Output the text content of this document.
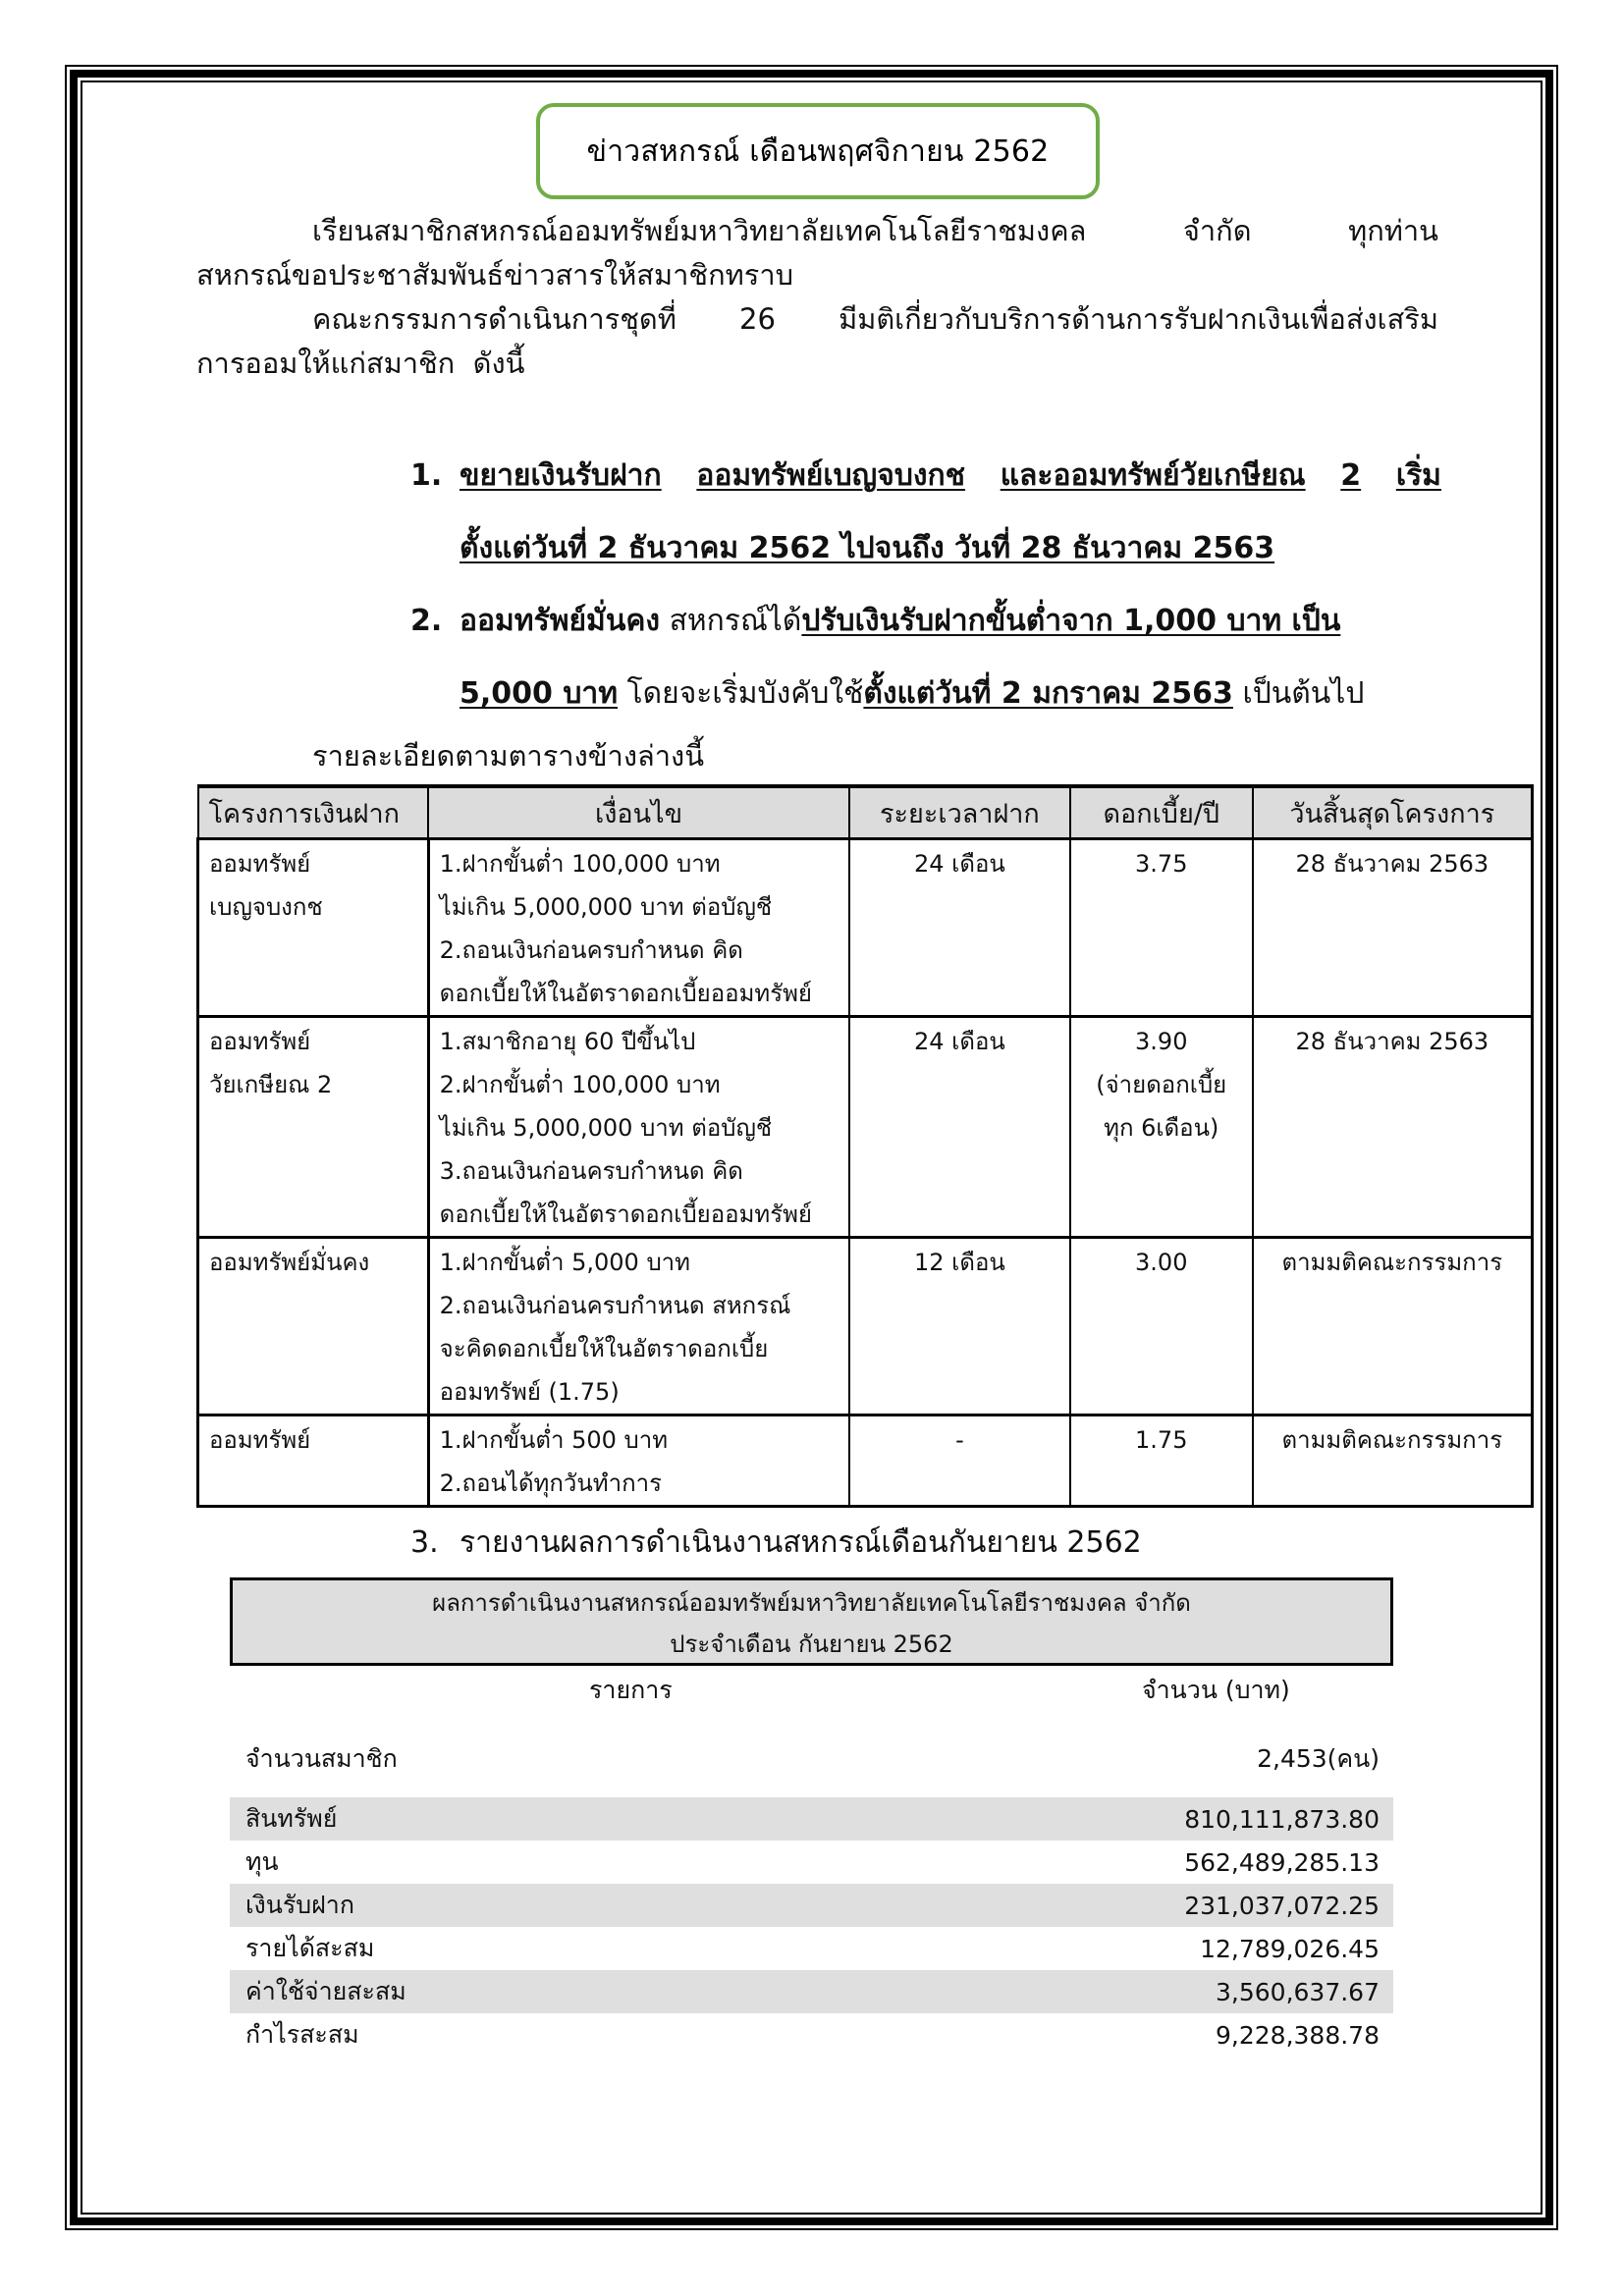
ข่าวสหกรณ์ เดือนพฤศจิกายน 2562
เรียนสมาชิกสหกรณ์ออมทรัพย์มหาวิทยาลัยเทคโนโลยีราชมงคล	จำกัด	ทุกท่าน
สหกรณ์ขอประชาสัมพันธ์ข่าวสารให้สมาชิกทราบ
คณะกรรมการดำเนินการชุดที่ 26 มีมติเกี่ยวกับบริการด้านการรับฝากเงินเพื่อส่งเสริม
การออมให้แก่สมาชิก  ดังนี้
1. ขยายเงินรับฝาก ออมทรัพย์เบญจบงกช และออมทรัพย์วัยเกษียณ 2 เริ่ม
ตั้งแต่วันที่ 2 ธันวาคม 2562 ไปจนถึง วันที่ 28 ธันวาคม 2563
2. ออมทรัพย์มั่นคง สหกรณ์ได้ปรับเงินรับฝากขั้นต่ำจาก 1,000 บาท เป็น
5,000 บาท โดยจะเริ่มบังคับใช้ตั้งแต่วันที่ 2 มกราคม 2563 เป็นต้นไป
รายละเอียดตามตารางข้างล่างนี้
โครงการเงินฝาก	เงื่อนไข	ระยะเวลาฝาก	ดอกเบี้ย/ปี	วันสิ้นสุดโครงการ

ออมทรัพย์
เบญจบงกช	1.ฝากขั้นต่ำ 100,000 บาท
ไม่เกิน 5,000,000 บาท ต่อบัญชี
2.ถอนเงินก่อนครบกำหนด คิด
ดอกเบี้ยให้ในอัตราดอกเบี้ยออมทรัพย์	24 เดือน	3.75	28 ธันวาคม 2563

ออมทรัพย์
วัยเกษียณ 2	1.สมาชิกอายุ 60 ปีขึ้นไป
2.ฝากขั้นต่ำ 100,000 บาท
ไม่เกิน 5,000,000 บาท ต่อบัญชี
3.ถอนเงินก่อนครบกำหนด คิด
ดอกเบี้ยให้ในอัตราดอกเบี้ยออมทรัพย์	24 เดือน	3.90
(จ่ายดอกเบี้ย
ทุก 6เดือน)	28 ธันวาคม 2563

ออมทรัพย์มั่นคง	1.ฝากขั้นต่ำ 5,000 บาท
2.ถอนเงินก่อนครบกำหนด สหกรณ์
จะคิดดอกเบี้ยให้ในอัตราดอกเบี้ย
ออมทรัพย์ (1.75)	12 เดือน	3.00	ตามมติคณะกรรมการ

ออมทรัพย์	1.ฝากขั้นต่ำ 500 บาท
2.ถอนได้ทุกวันทำการ	-	1.75	ตามมติคณะกรรมการ
3. รายงานผลการดำเนินงานสหกรณ์เดือนกันยายน 2562
ผลการดำเนินงานสหกรณ์ออมทรัพย์มหาวิทยาลัยเทคโนโลยีราชมงคล จำกัด
ประจำเดือน กันยายน 2562
รายการ	จำนวน (บาท)
จำนวนสมาชิก	2,453(คน)
สินทรัพย์	810,111,873.80
ทุน	562,489,285.13
เงินรับฝาก	231,037,072.25
รายได้สะสม	12,789,026.45
ค่าใช้จ่ายสะสม	3,560,637.67
กำไรสะสม	9,228,388.78
